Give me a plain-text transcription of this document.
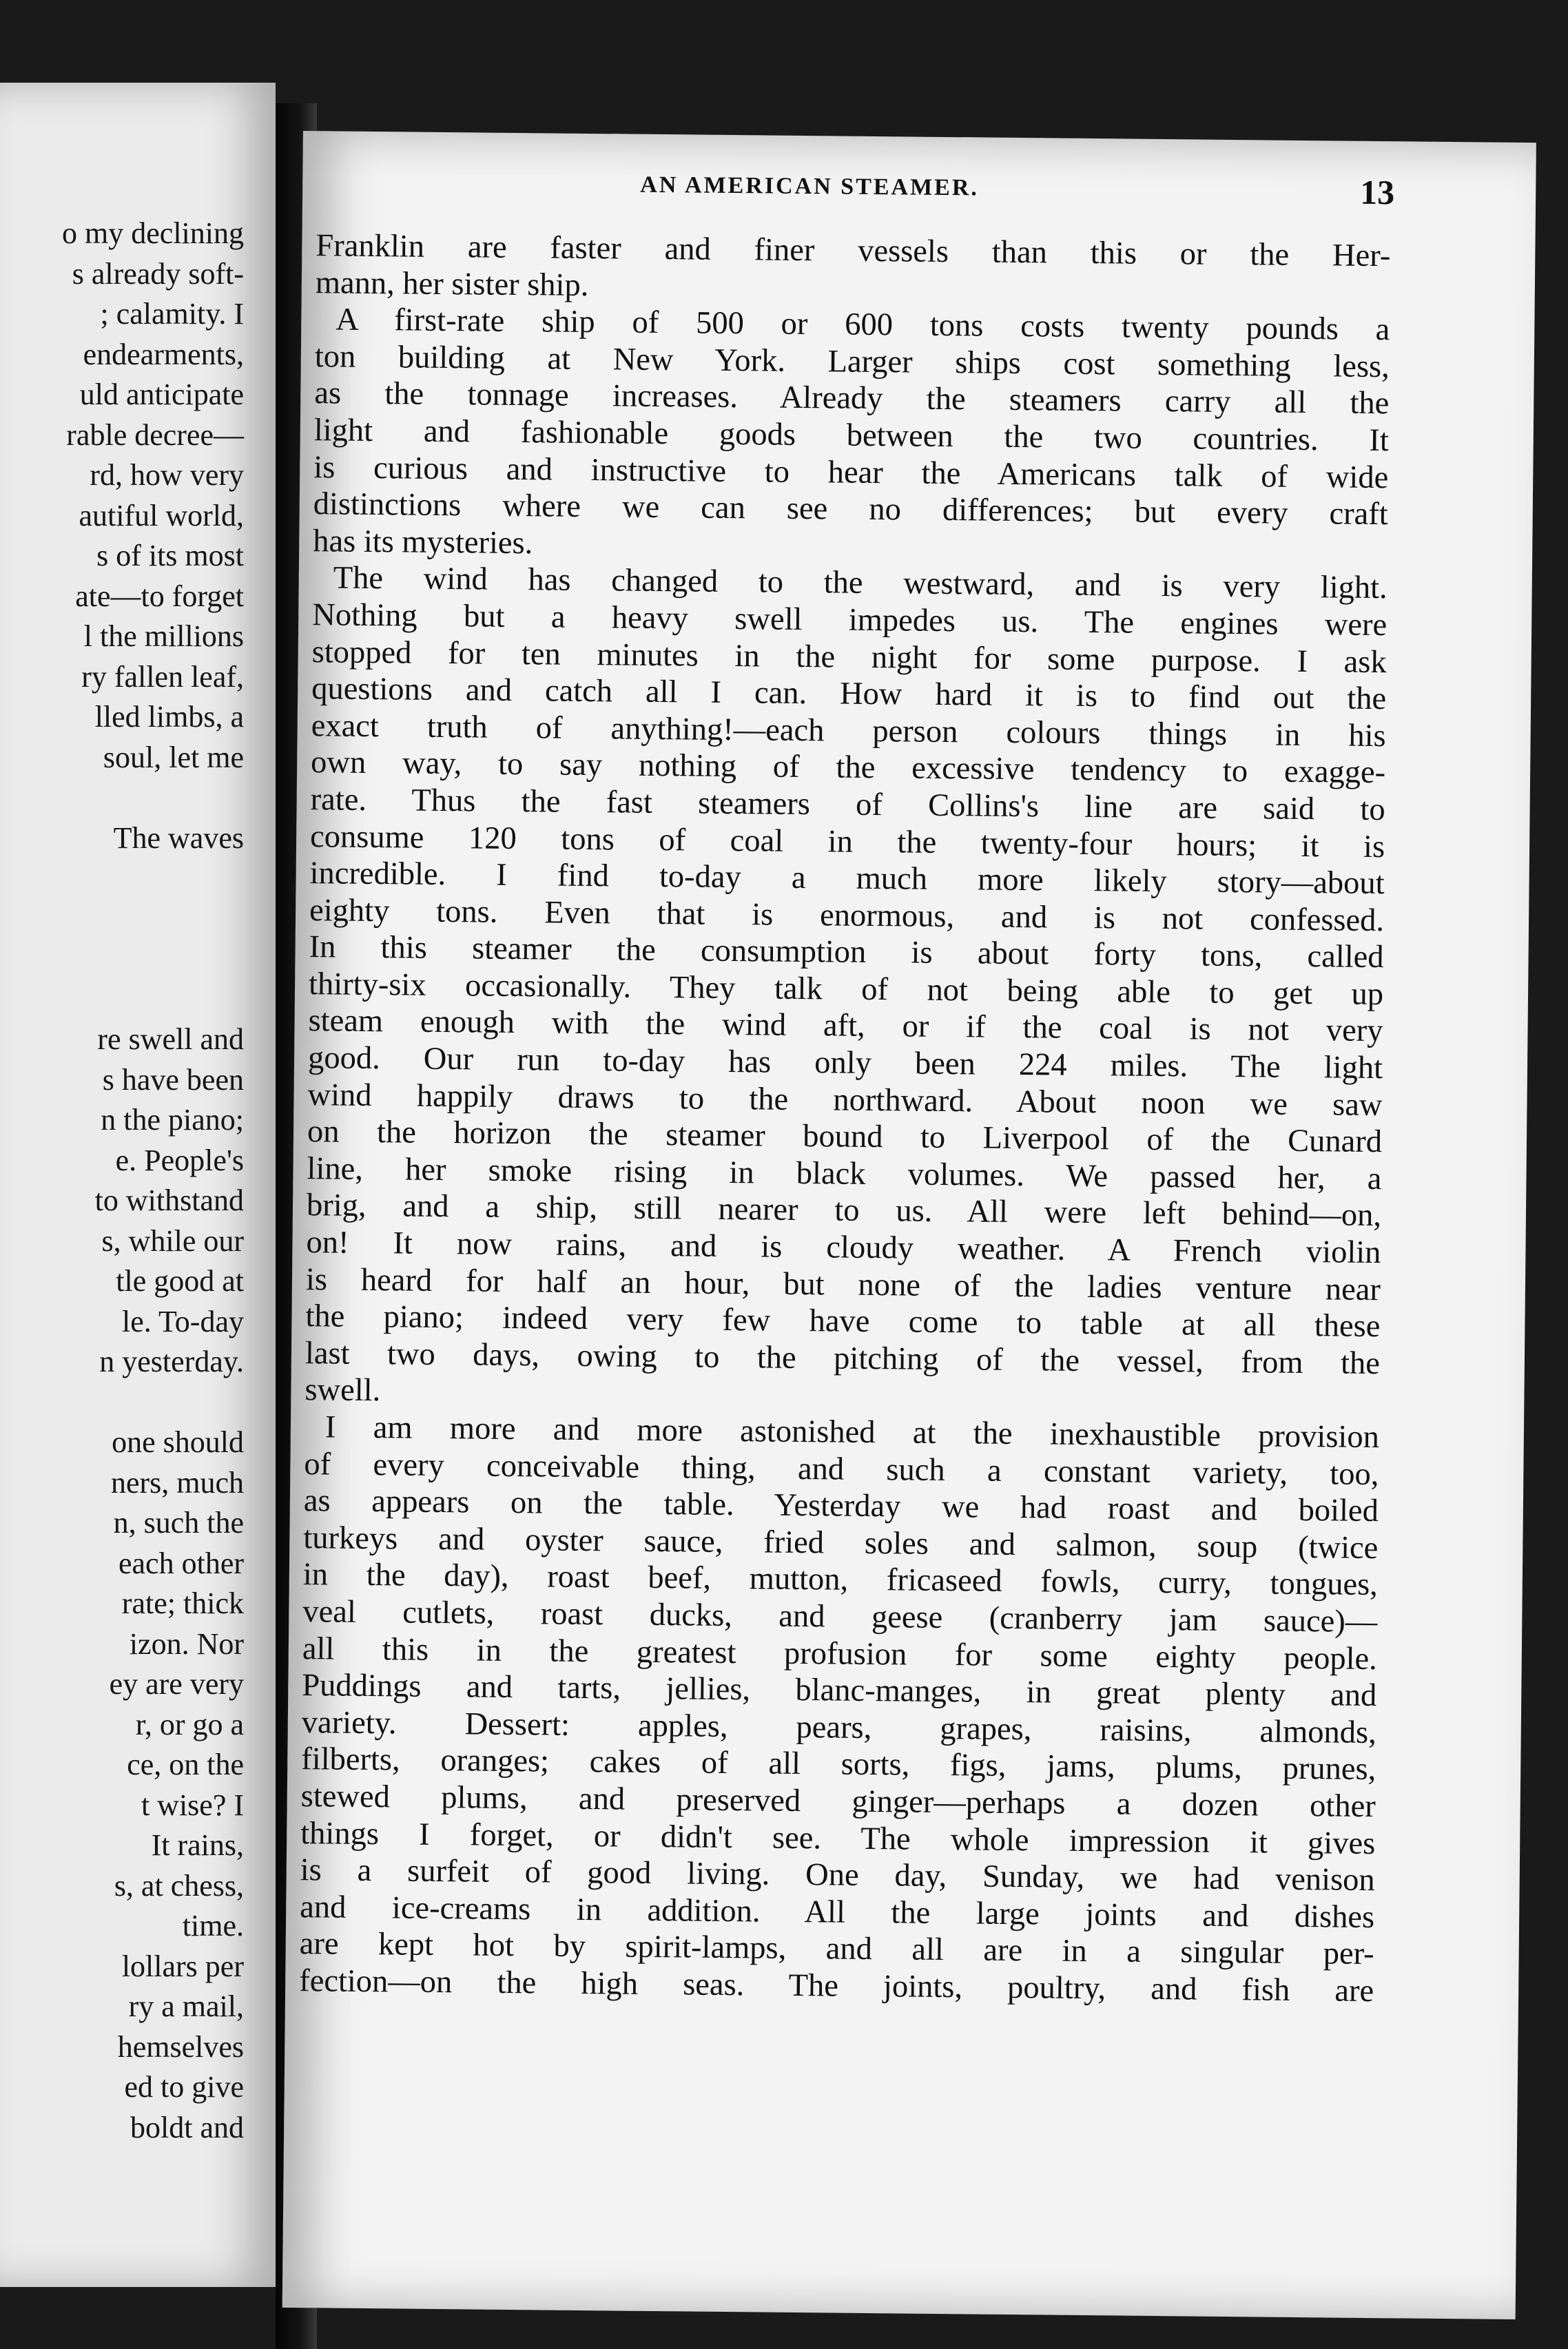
o my declining
s already soft-
; calamity. I
endearments,
uld anticipate
rable decree—
rd, how very
autiful world,
s of its most
ate—to forget
l the millions
ry fallen leaf,
lled limbs, a
soul, let me
The waves
re swell and
s have been
n the piano;
e. People's
to withstand
s, while our
tle good at
le. To-day
n yesterday.
one should
ners, much
n, such the
each other
rate; thick
izon. Nor
ey are very
r, or go a
ce, on the
t wise? I
It rains,
s, at chess,
time.
lollars per
ry a mail,
hemselves
ed to give
boldt and
AN AMERICAN STEAMER.	13
Franklin are faster and finer vessels than this or the Her-
mann, her sister ship.
A first-rate ship of 500 or 600 tons costs twenty pounds a
ton building at New York. Larger ships cost something less,
as the tonnage increases. Already the steamers carry all the
light and fashionable goods between the two countries. It
is curious and instructive to hear the Americans talk of wide
distinctions where we can see no differences; but every craft
has its mysteries.
The wind has changed to the westward, and is very light.
Nothing but a heavy swell impedes us. The engines were
stopped for ten minutes in the night for some purpose. I ask
questions and catch all I can. How hard it is to find out the
exact truth of anything!—each person colours things in his
own way, to say nothing of the excessive tendency to exagge-
rate. Thus the fast steamers of Collins's line are said to
consume 120 tons of coal in the twenty-four hours; it is
incredible. I find to-day a much more likely story—about
eighty tons. Even that is enormous, and is not confessed.
In this steamer the consumption is about forty tons, called
thirty-six occasionally. They talk of not being able to get up
steam enough with the wind aft, or if the coal is not very
good. Our run to-day has only been 224 miles. The light
wind happily draws to the northward. About noon we saw
on the horizon the steamer bound to Liverpool of the Cunard
line, her smoke rising in black volumes. We passed her, a
brig, and a ship, still nearer to us. All were left behind—on,
on! It now rains, and is cloudy weather. A French violin
is heard for half an hour, but none of the ladies venture near
the piano; indeed very few have come to table at all these
last two days, owing to the pitching of the vessel, from the
swell.
I am more and more astonished at the inexhaustible provision
of every conceivable thing, and such a constant variety, too,
as appears on the table. Yesterday we had roast and boiled
turkeys and oyster sauce, fried soles and salmon, soup (twice
in the day), roast beef, mutton, fricaseed fowls, curry, tongues,
veal cutlets, roast ducks, and geese (cranberry jam sauce)—
all this in the greatest profusion for some eighty people.
Puddings and tarts, jellies, blanc-manges, in great plenty and
variety. Dessert: apples, pears, grapes, raisins, almonds,
filberts, oranges; cakes of all sorts, figs, jams, plums, prunes,
stewed plums, and preserved ginger—perhaps a dozen other
things I forget, or didn't see. The whole impression it gives
is a surfeit of good living. One day, Sunday, we had venison
and ice-creams in addition. All the large joints and dishes
are kept hot by spirit-lamps, and all are in a singular per-
fection—on the high seas. The joints, poultry, and fish are
